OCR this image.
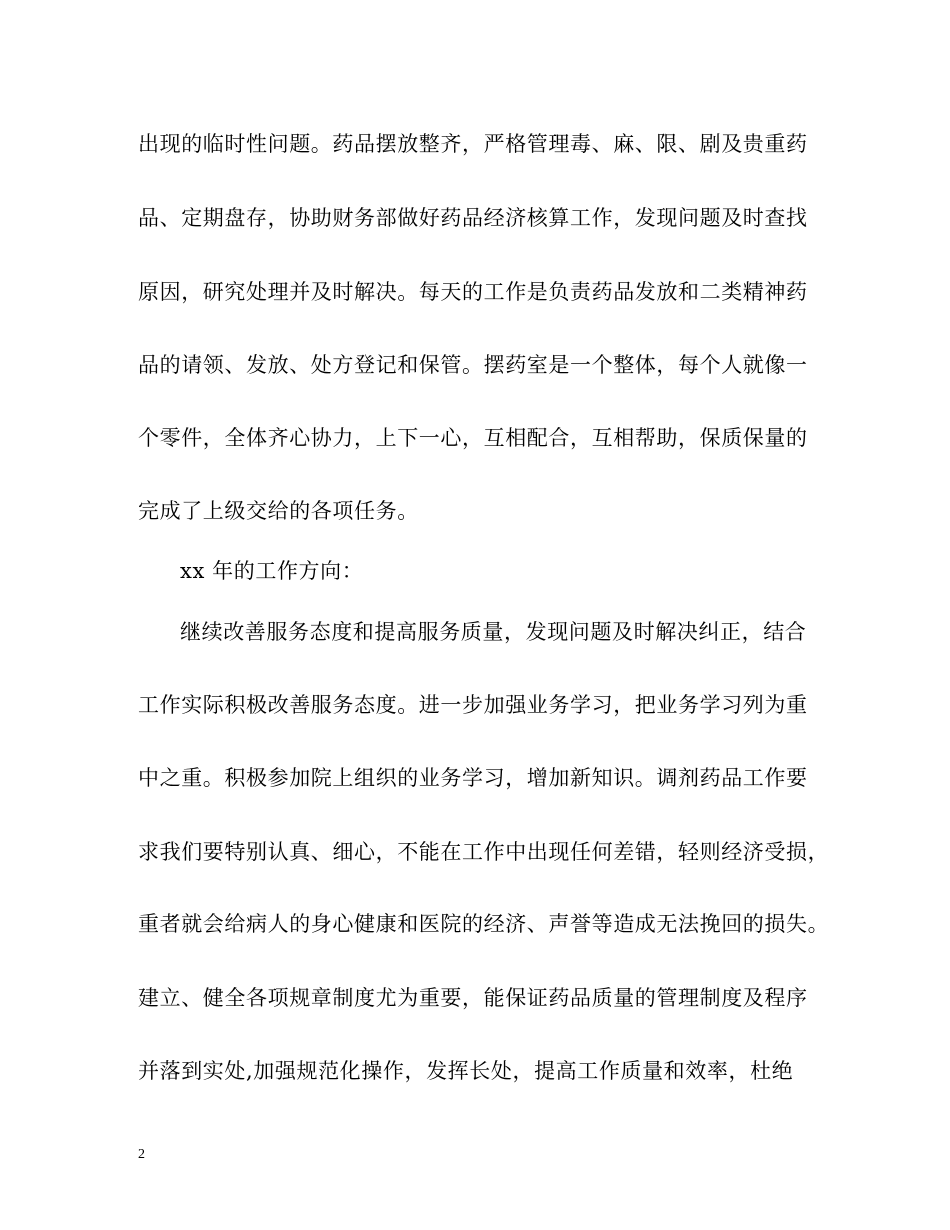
出现的临时性问题。药品摆放整齐，严格管理毒、麻、限、剧及贵重药
品、定期盘存，协助财务部做好药品经济核算工作，发现问题及时查找
原因，研究处理并及时解决。每天的工作是负责药品发放和二类精神药
品的请领、发放、处方登记和保管。摆药室是一个整体，每个人就像一
个零件，全体齐心协力，上下一心，互相配合，互相帮助，保质保量的
完成了上级交给的各项任务。
xx 年的工作方向：
继续改善服务态度和提高服务质量，发现问题及时解决纠正，结合
工作实际积极改善服务态度。进一步加强业务学习，把业务学习列为重
中之重。积极参加院上组织的业务学习，增加新知识。调剂药品工作要
求我们要特别认真、细心，不能在工作中出现任何差错，轻则经济受损，
重者就会给病人的身心健康和医院的经济、声誉等造成无法挽回的损失。
建立、健全各项规章制度尤为重要，能保证药品质量的管理制度及程序
并落到实处,加强规范化操作，发挥长处，提高工作质量和效率，杜绝
2
